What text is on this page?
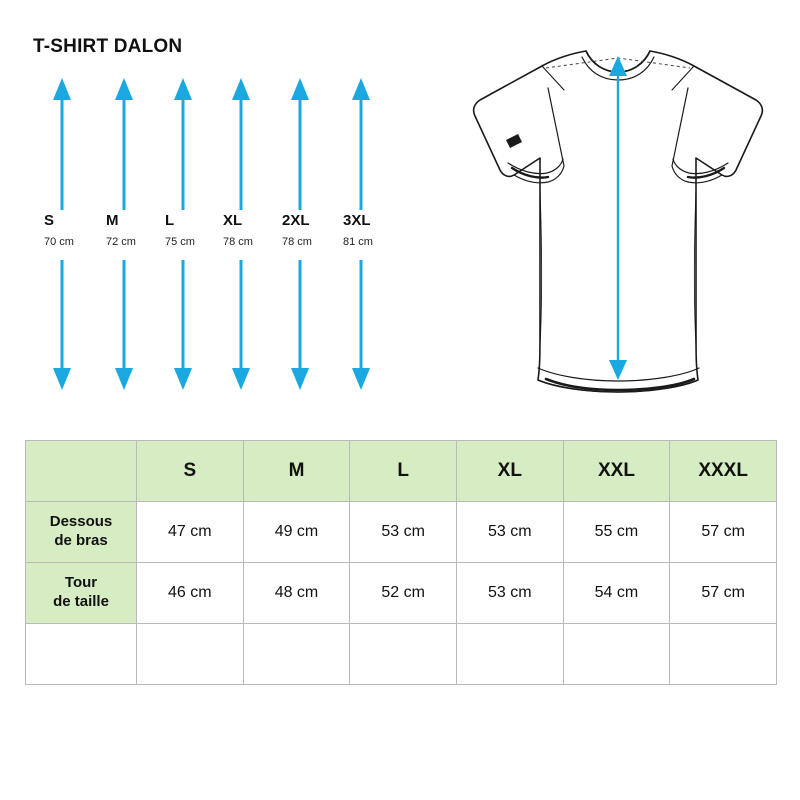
T-SHIRT DALON
S
70 cm
M
72 cm
L
75 cm
XL
78 cm
2XL
78 cm
3XL
81 cm
	S	M	L	XL	XXL	XXXL

Dessous
de bras	47 cm	49 cm	53 cm	53 cm	55 cm	57 cm

Tour
de taille	46 cm	48 cm	52 cm	53 cm	54 cm	57 cm
